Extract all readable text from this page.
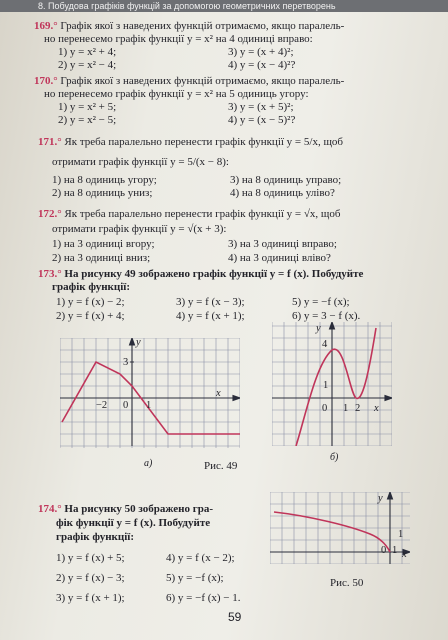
8. Побудова графіків функцій за допомогою геометричних перетворень
169.° Графік якої з наведених функцій отримаємо, якщо паралель-
но перенесемо графік функції y = x² на 4 одиниці вправо:
1) y = x² + 4;
2) y = x² − 4;
3) y = (x + 4)²;
4) y = (x − 4)²?
170.° Графік якої з наведених функцій отримаємо, якщо паралель-
но перенесемо графік функції y = x² на 5 одиниць угору:
1) y = x² + 5;
2) y = x² − 5;
3) y = (x + 5)²;
4) y = (x − 5)²?
171.° Як треба паралельно перенести графік функції y = 5/x, щоб
отримати графік функції y = 5/(x − 8):
1) на 8 одиниць угору;
2) на 8 одиниць униз;
3) на 8 одиниць управо;
4) на 8 одиниць уліво?
172.° Як треба паралельно перенести графік функції y = √x, щоб
отримати графік функції y = √(x + 3):
1) на 3 одиниці вгору;
2) на 3 одиниці вниз;
3) на 3 одиниці вправо;
4) на 3 одиниці вліво?
173.° На рисунку 49 зображено графік функції y = f (x). Побудуйте
графік функції:
1) y = f (x) − 2;
2) y = f (x) + 4;
3) y = f (x − 3);
4) y = f (x + 1);
5) y = −f (x);
6) y = 3 − f (x).
y
x
3
−2 0 1
а)	Рис. 49
y
4
1
0 1 2 x
б)
174.° На рисунку 50 зображено гра-
фік функції y = f (x). Побудуйте
графік функції:
1) y = f (x) + 5;
2) y = f (x) − 3;
3) y = f (x + 1);
4) y = f (x − 2);
5) y = −f (x);
6) y = −f (x) − 1.
y
1
0 1 x
Рис. 50
59
